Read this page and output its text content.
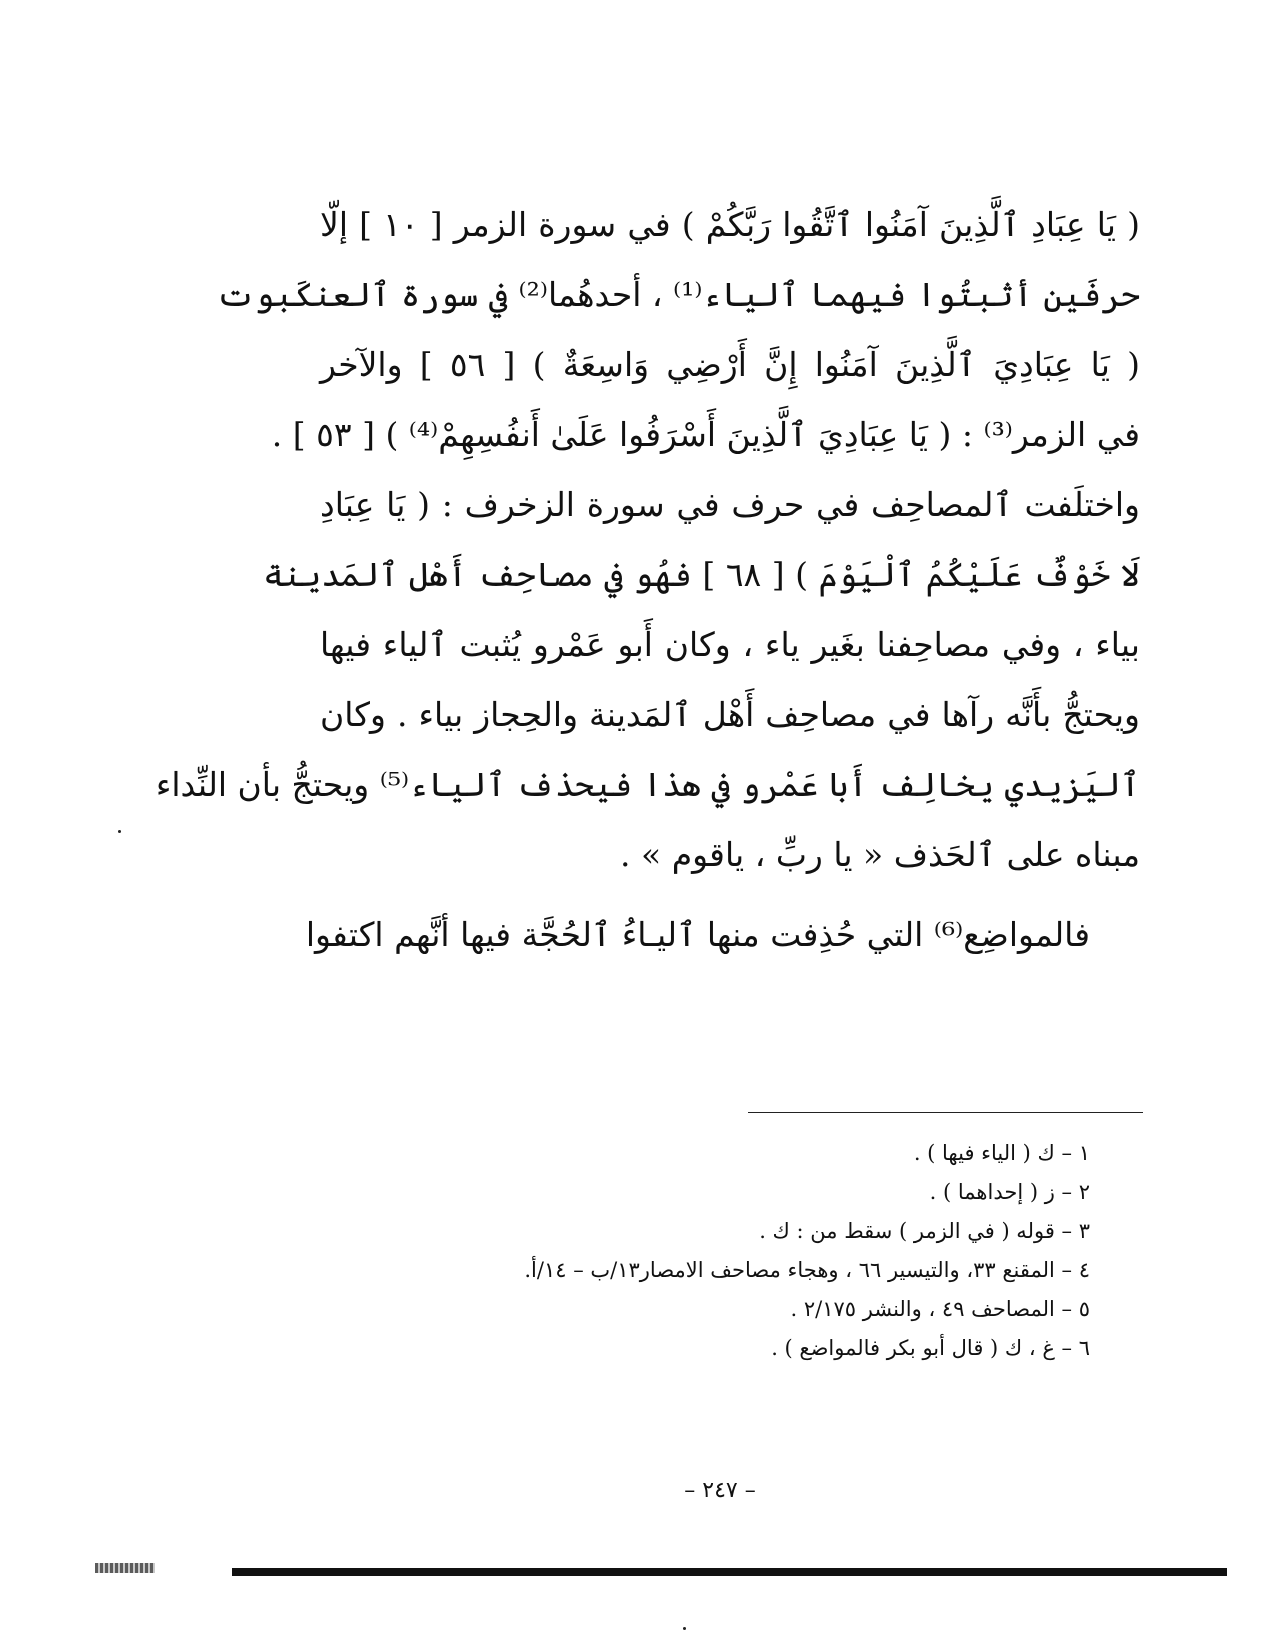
( يَا عِبَادِ ٱلَّذِينَ آمَنُوا ٱتَّقُوا رَبَّكُمْ ) في سورة الزمر [ ١٠ ] إلّا
حرفَين أثبتُوا فيهما ٱلياء⁽¹⁾ ، أحدهُما⁽²⁾ في سورة ٱلعنكَبوت
( يَا عِبَادِيَ ٱلَّذِينَ آمَنُوا إِنَّ أَرْضِي وَاسِعَةٌ ) [ ٥٦ ] والآخر
في الزمر⁽³⁾ : ( يَا عِبَادِيَ ٱلَّذِينَ أَسْرَفُوا عَلَىٰ أَنفُسِهِمْ⁽⁴⁾ ) [ ٥٣ ] .
واختلَفت ٱلمصاحِف في حرف في سورة الزخرف : ( يَا عِبَادِ
لَا خَوْفٌ عَلَيْكُمُ ٱلْيَوْمَ ) [ ٦٨ ] فهُو في مصاحِف أَهْل ٱلمَدينة
بياء ، وفي مصاحِفنا بغَير ياء ، وكان أَبو عَمْرو يُثبت ٱلياء فيها
ويحتجُّ بأَنَّه رآها في مصاحِف أَهْل ٱلمَدينة والحِجاز بياء . وكان
ٱليَزيدي يخالِف أَبا عَمْرو في هذا فيحذف ٱلياء⁽⁵⁾ ويحتجُّ بأن النِّداء
مبناه على ٱلحَذف « يا ربِّ ، ياقوم » .
فالمواضِع⁽⁶⁾ التي حُذِفت منها ٱليـاءُ ٱلحُجَّة فيها أنَّهم اكتفوا
١ – ك ( الياء فيها ) .
٢ – ز ( إحداهما ) .
٣ – قوله ( في الزمر ) سقط من : ك .
٤ – المقنع ٣٣، والتيسير ٦٦ ، وهجاء مصاحف الامصار١٣/ب – ١٤/أ.
٥ – المصاحف ٤٩ ، والنشر ٢/١٧٥ .
٦ – غ ، ك ( قال أبو بكر فالمواضع ) .
– ٢٤٧ –
